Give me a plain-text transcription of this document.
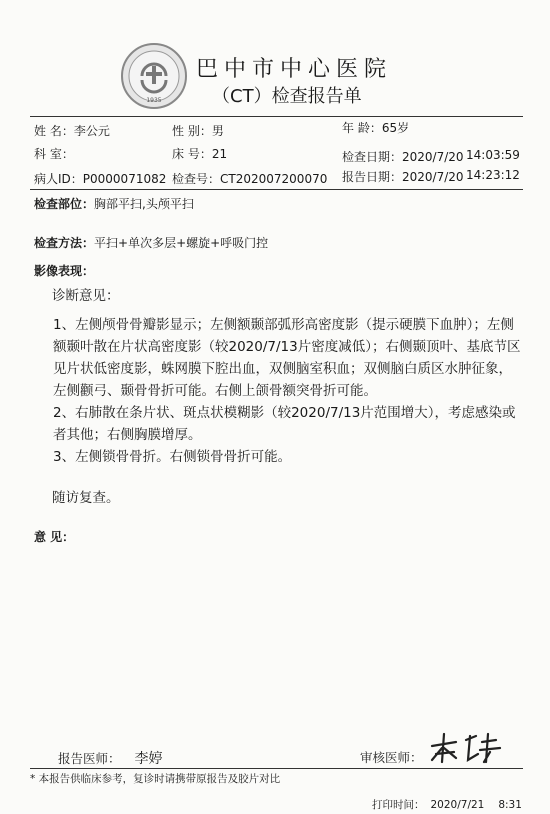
1935
巴中市中心医院
（CT）检查报告单
姓 名：李公元	性 别：男	年 龄：65岁
科 室：	床 号：21	检查日期：2020/7/20 14:03:59
病人ID：P0000071082 检查号：CT202007200070 报告日期：2020/7/20 14:23:12
检查部位：胸部平扫,头颅平扫
检查方法：平扫+单次多层+螺旋+呼吸门控
影像表现：
诊断意见：

1、左侧颅骨骨瓣影显示；左侧额颞部弧形高密度影（提示硬膜下血肿）；左侧额颞叶散在片状高密度影（较2020/7/13片密度减低）；右侧颞顶叶、基底节区见片状低密度影，蛛网膜下腔出血，双侧脑室积血；双侧脑白质区水肿征象，左侧颧弓、颞骨骨折可能。右侧上颌骨额突骨折可能。

2、右肺散在条片状、斑点状模糊影（较2020/7/13片范围增大），考虑感染或者其他；右侧胸膜增厚。

3、左侧锁骨骨折。右侧锁骨骨折可能。

随访复查。
意 见：
报告医师： 李婷	审核医师：
* 本报告供临床参考，复诊时请携带原报告及胶片对比
打印时间： 2020/7/21 8:31
